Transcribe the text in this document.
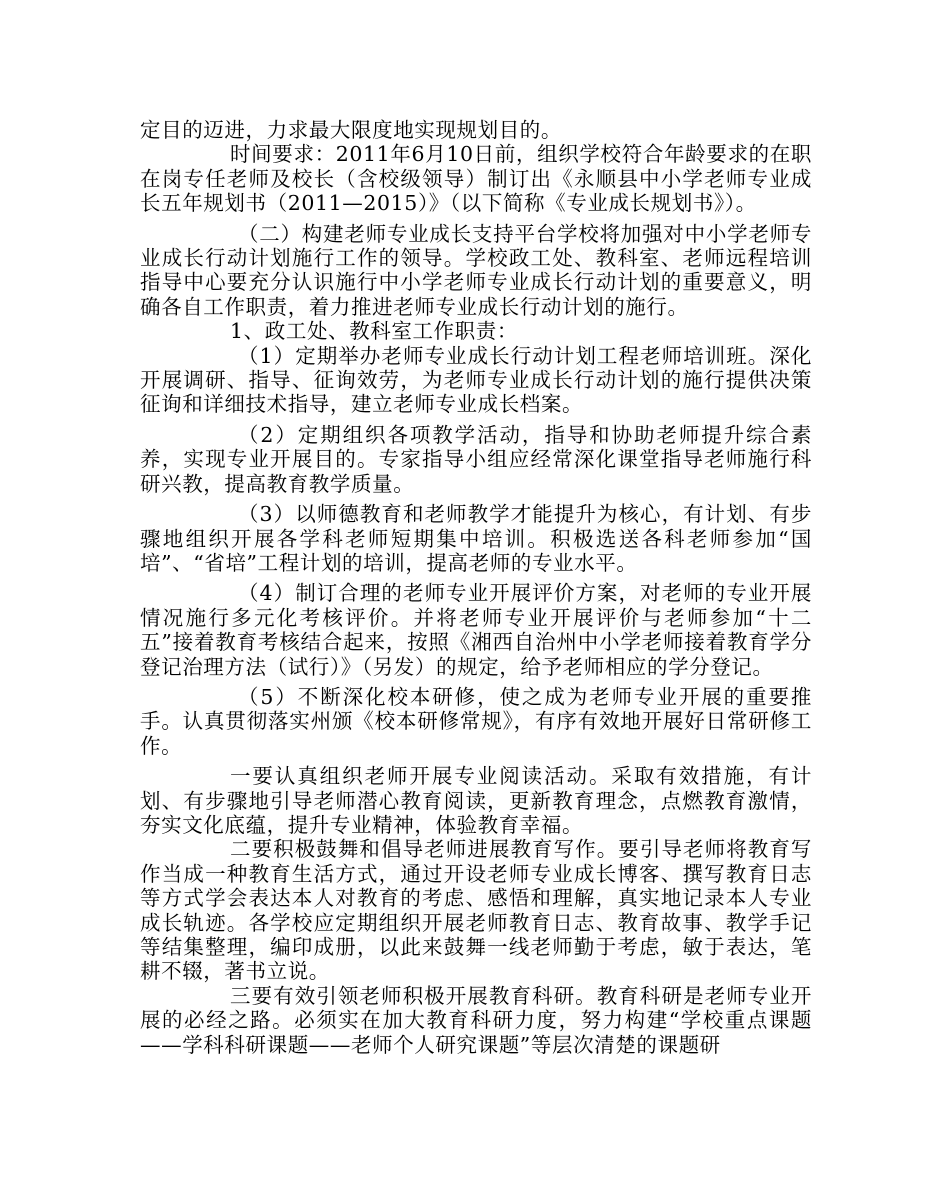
定目的迈进，力求最大限度地实现规划目的。

时间要求：2011年6月10日前，组织学校符合年龄要求的在职在岗专任老师及校长（含校级领导）制订出《永顺县中小学老师专业成长五年规划书（2011—2015）》（以下简称《专业成长规划书》）。

（二）构建老师专业成长支持平台学校将加强对中小学老师专业成长行动计划施行工作的领导。学校政工处、教科室、老师远程培训指导中心要充分认识施行中小学老师专业成长行动计划的重要意义，明确各自工作职责，着力推进老师专业成长行动计划的施行。

1、政工处、教科室工作职责：

（1）定期举办老师专业成长行动计划工程老师培训班。深化开展调研、指导、征询效劳，为老师专业成长行动计划的施行提供决策征询和详细技术指导，建立老师专业成长档案。

（2）定期组织各项教学活动，指导和协助老师提升综合素养，实现专业开展目的。专家指导小组应经常深化课堂指导老师施行科研兴教，提高教育教学质量。

（3）以师德教育和老师教学才能提升为核心，有计划、有步骤地组织开展各学科老师短期集中培训。积极选送各科老师参加“国培”、“省培”工程计划的培训，提高老师的专业水平。

（4）制订合理的老师专业开展评价方案，对老师的专业开展情况施行多元化考核评价。并将老师专业开展评价与老师参加“十二五”接着教育考核结合起来，按照《湘西自治州中小学老师接着教育学分登记治理方法（试行）》（另发）的规定，给予老师相应的学分登记。

（5）不断深化校本研修，使之成为老师专业开展的重要推手。认真贯彻落实州颁《校本研修常规》，有序有效地开展好日常研修工作。

一要认真组织老师开展专业阅读活动。采取有效措施，有计划、有步骤地引导老师潜心教育阅读，更新教育理念，点燃教育激情，夯实文化底蕴，提升专业精神，体验教育幸福。

二要积极鼓舞和倡导老师进展教育写作。要引导老师将教育写作当成一种教育生活方式，通过开设老师专业成长博客、撰写教育日志等方式学会表达本人对教育的考虑、感悟和理解，真实地记录本人专业成长轨迹。各学校应定期组织开展老师教育日志、教育故事、教学手记等结集整理，编印成册，以此来鼓舞一线老师勤于考虑，敏于表达，笔耕不辍，著书立说。

三要有效引领老师积极开展教育科研。教育科研是老师专业开展的必经之路。必须实在加大教育科研力度，努力构建“学校重点课题——学科科研课题——老师个人研究课题”等层次清楚的课题研
